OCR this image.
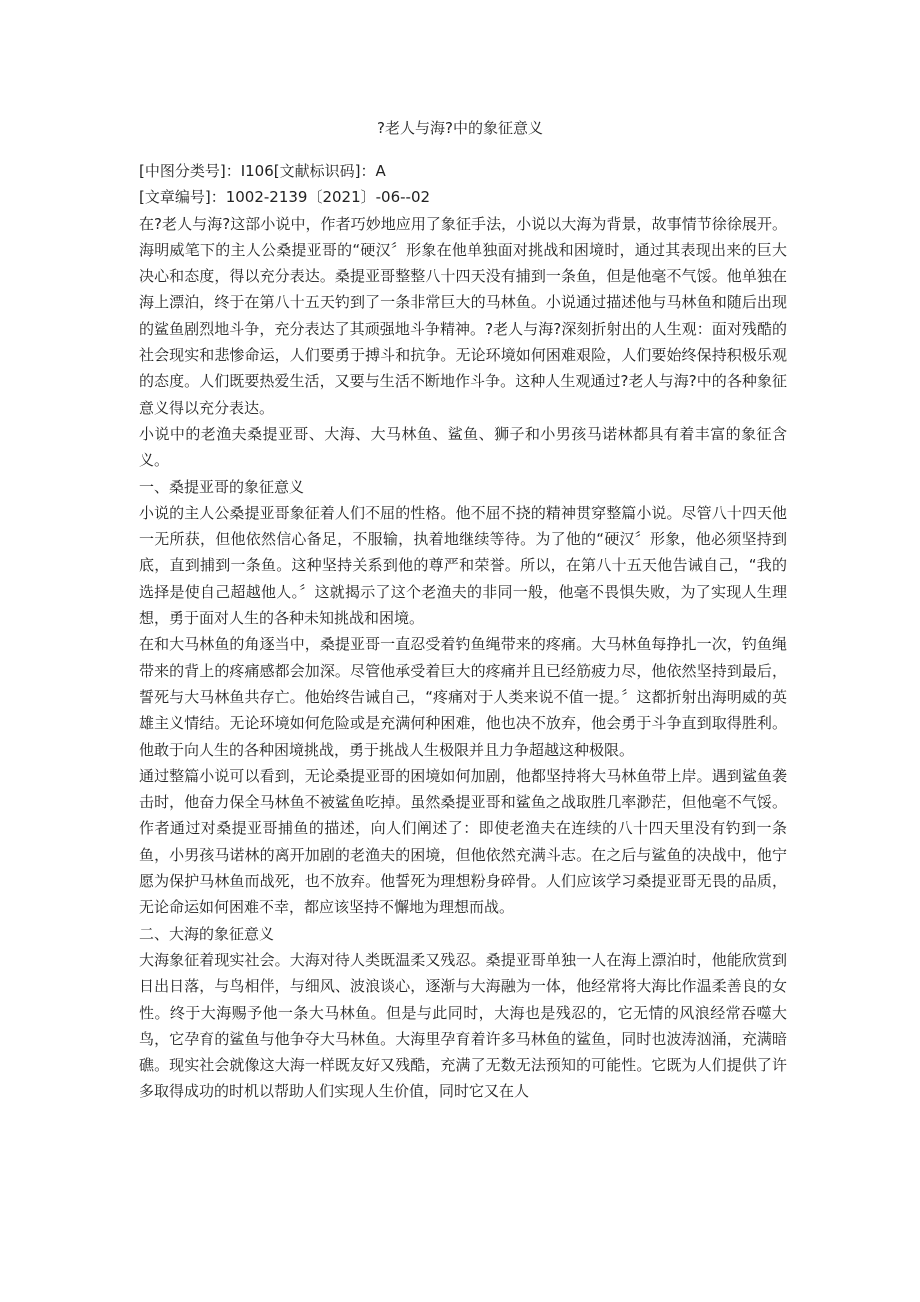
?老人与海?中的象征意义

[中图分类号]：I106[文献标识码]：A

[文章编号]：1002-2139〔2021〕-06--02

在?老人与海?这部小说中，作者巧妙地应用了象征手法，小说以大海为背景，故事情节徐徐展开。海明威笔下的主人公桑提亚哥的“硬汉〞形象在他单独面对挑战和困境时，通过其表现出来的巨大决心和态度，得以充分表达。桑提亚哥整整八十四天没有捕到一条鱼，但是他毫不气馁。他单独在海上漂泊，终于在第八十五天钓到了一条非常巨大的马林鱼。小说通过描述他与马林鱼和随后出现的鲨鱼剧烈地斗争，充分表达了其顽强地斗争精神。?老人与海?深刻折射出的人生观：面对残酷的社会现实和悲惨命运，人们要勇于搏斗和抗争。无论环境如何困难艰险，人们要始终保持积极乐观的态度。人们既要热爱生活，又要与生活不断地作斗争。这种人生观通过?老人与海?中的各种象征意义得以充分表达。

小说中的老渔夫桑提亚哥、大海、大马林鱼、鲨鱼、狮子和小男孩马诺林都具有着丰富的象征含义。

一、桑提亚哥的象征意义

小说的主人公桑提亚哥象征着人们不屈的性格。他不屈不挠的精神贯穿整篇小说。尽管八十四天他一无所获，但他依然信心备足，不服输，执着地继续等待。为了他的“硬汉〞形象，他必须坚持到底，直到捕到一条鱼。这种坚持关系到他的尊严和荣誉。所以，在第八十五天他告诫自己，“我的选择是使自己超越他人。〞这就揭示了这个老渔夫的非同一般，他毫不畏惧失败，为了实现人生理想，勇于面对人生的各种未知挑战和困境。

在和大马林鱼的角逐当中，桑提亚哥一直忍受着钓鱼绳带来的疼痛。大马林鱼每挣扎一次，钓鱼绳带来的背上的疼痛感都会加深。尽管他承受着巨大的疼痛并且已经筋疲力尽，他依然坚持到最后，誓死与大马林鱼共存亡。他始终告诫自己，“疼痛对于人类来说不值一提。〞这都折射出海明威的英雄主义情结。无论环境如何危险或是充满何种困难，他也决不放弃，他会勇于斗争直到取得胜利。他敢于向人生的各种困境挑战，勇于挑战人生极限并且力争超越这种极限。

通过整篇小说可以看到，无论桑提亚哥的困境如何加剧，他都坚持将大马林鱼带上岸。遇到鲨鱼袭击时，他奋力保全马林鱼不被鲨鱼吃掉。虽然桑提亚哥和鲨鱼之战取胜几率渺茫，但他毫不气馁。作者通过对桑提亚哥捕鱼的描述，向人们阐述了：即使老渔夫在连续的八十四天里没有钓到一条鱼，小男孩马诺林的离开加剧的老渔夫的困境，但他依然充满斗志。在之后与鲨鱼的决战中，他宁愿为保护马林鱼而战死，也不放弃。他誓死为理想粉身碎骨。人们应该学习桑提亚哥无畏的品质，无论命运如何困难不幸，都应该坚持不懈地为理想而战。

二、大海的象征意义

大海象征着现实社会。大海对待人类既温柔又残忍。桑提亚哥单独一人在海上漂泊时，他能欣赏到日出日落，与鸟相伴，与细风、波浪谈心，逐渐与大海融为一体，他经常将大海比作温柔善良的女性。终于大海赐予他一条大马林鱼。但是与此同时，大海也是残忍的，它无情的风浪经常吞噬大鸟，它孕育的鲨鱼与他争夺大马林鱼。大海里孕育着许多马林鱼的鲨鱼，同时也波涛汹涌，充满暗礁。现实社会就像这大海一样既友好又残酷，充满了无数无法预知的可能性。它既为人们提供了许多取得成功的时机以帮助人们实现人生价值，同时它又在人
